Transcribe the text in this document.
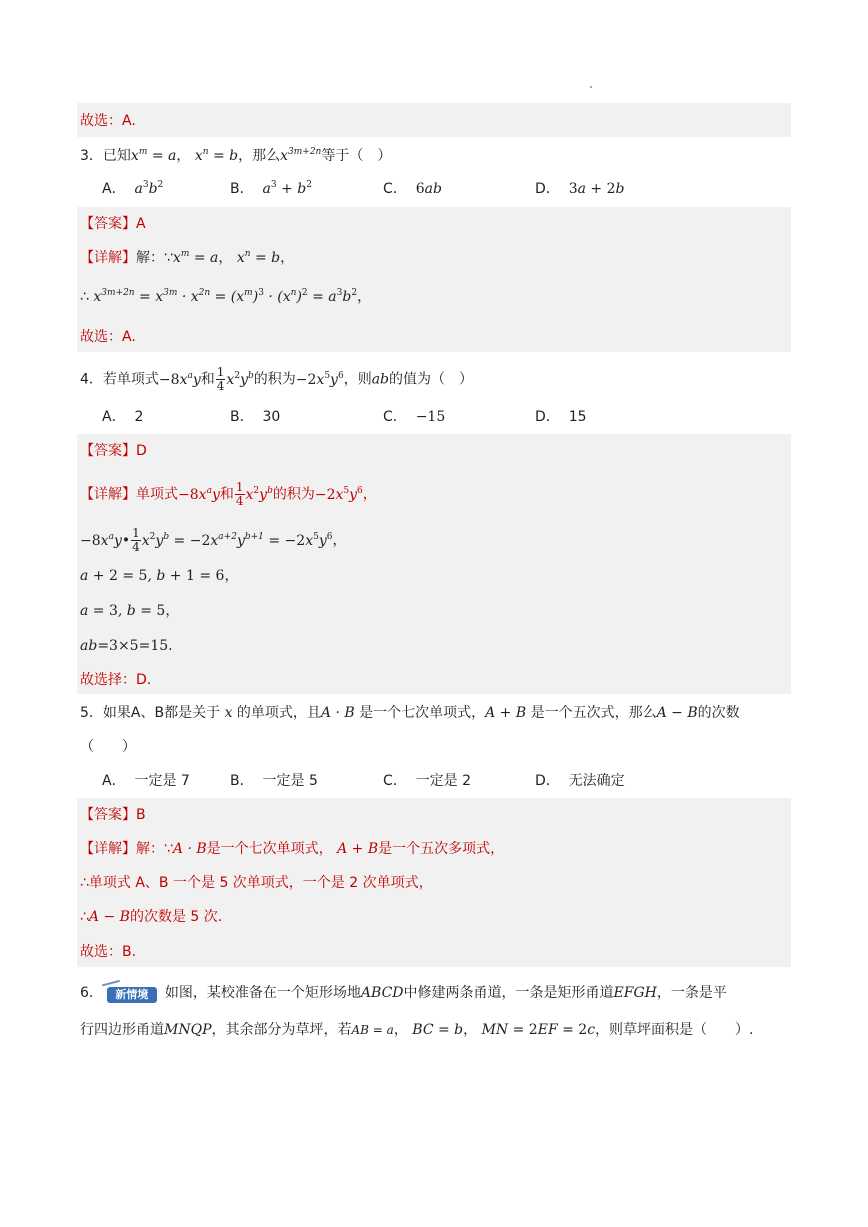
故选：A.
3．已知$x^m = a$， $x^n = b$，那么$x^{3m+2n}$等于（　）
A． $a^3b^2$	B． $a^3 + b^2$	C． 6ab	D． 3a + 2b
【答案】A
【详解】解：$\because x^m = a$， $x^n = b$，
∴ $x^{3m+2n} = x^{3m} \cdot x^{2n} = (x^m)^3 \cdot (x^n)^2 = a^3b^2$，
故选：A.
4．若单项式$-8x^ay$和 $\frac{1}{4} x^2y^b$的积为$-2x^5y^6$，则ab的值为（　）
A． 2	B． 30	C． −15	D． 15
【答案】D
【详解】单项式$-8x^ay$和 $\frac{1}{4} x^2y^b$的积为$-2x^5y^6$，
$-8x^ay• \frac{1}{4} x^2y^b = -2x^{a+2}y^{b+1} = -2x^5y^6$，
a + 2 = 5, b + 1 = 6，
a = 3, b = 5，
ab=3×5=15.
故选择：D.
5．如果A、B都是关于 x 的单项式，且A · B 是一个七次单项式，A + B 是一个五次式，那么A − B的次数
（　　）
A． 一定是 7	B． 一定是 5	C． 一定是 2	D． 无法确定
【答案】B
【详解】解：∵A · B是一个七次单项式， A + B是一个五次多项式，
∴单项式 A、B 一个是 5 次单项式，一个是 2 次单项式，
∴A − B的次数是 5 次.
故选：B.
6．	新情境	如图，某校准备在一个矩形场地ABCD中修建两条甬道，一条是矩形甬道EFGH，一条是平
行四边形甬道MNQP，其余部分为草坪，若AB = a， BC = b， MN = 2EF = 2c，则草坪面积是（　　）.
